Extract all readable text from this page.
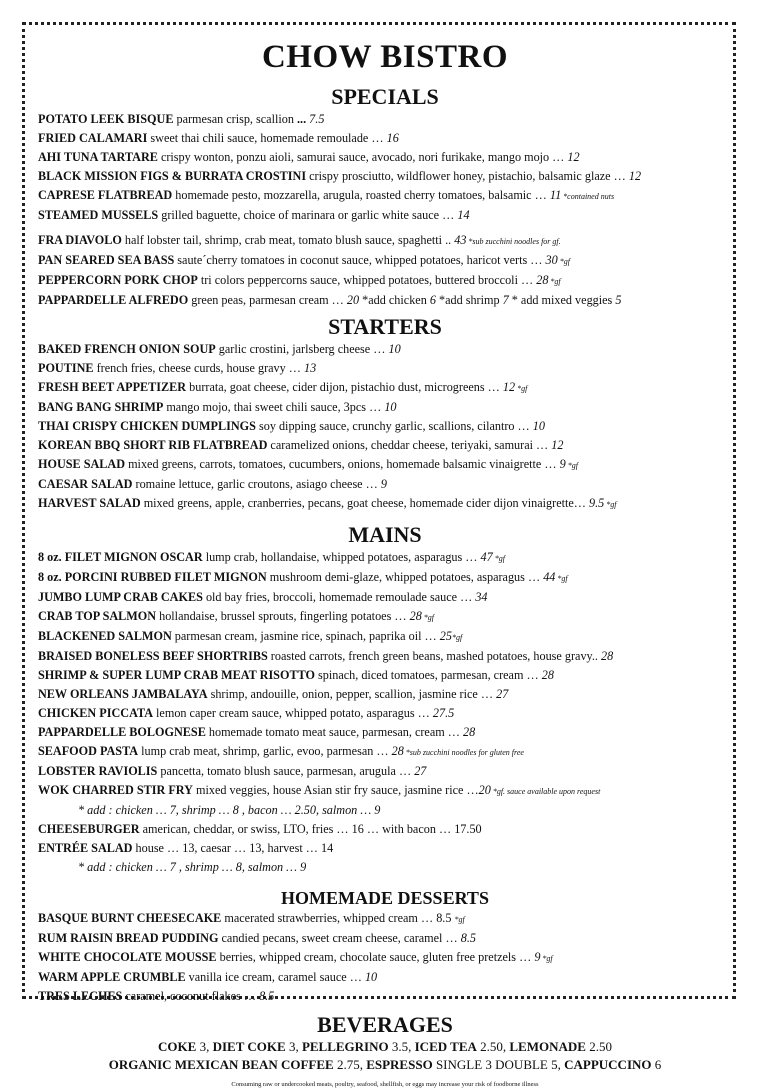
CHOW BISTRO
SPECIALS
POTATO LEEK BISQUE parmesan crisp, scallion ... 7.5
FRIED CALAMARI sweet thai chili sauce, homemade remoulade … 16
AHI TUNA TARTARE crispy wonton, ponzu aioli, samurai sauce, avocado, nori furikake, mango mojo … 12
BLACK MISSION FIGS & BURRATA CROSTINI crispy prosciutto, wildflower honey, pistachio, balsamic glaze … 12
CAPRESE FLATBREAD homemade pesto, mozzarella, arugula, roasted cherry tomatoes, balsamic … 11 *contained nuts
STEAMED MUSSELS grilled baguette, choice of marinara or garlic white sauce … 14
FRA DIAVOLO half lobster tail, shrimp, crab meat, tomato blush sauce, spaghetti .. 43 *sub zucchini noodles for gf.
PAN SEARED SEA BASS saute´cherry tomatoes in coconut sauce, whipped potatoes, haricot verts … 30 *gf
PEPPERCORN PORK CHOP tri colors peppercorns sauce, whipped potatoes, buttered broccoli … 28 *gf
PAPPARDELLE ALFREDO green peas, parmesan cream … 20 *add chicken 6 *add shrimp 7 * add mixed veggies 5
STARTERS
BAKED FRENCH ONION SOUP garlic crostini, jarlsberg cheese … 10
POUTINE french fries, cheese curds, house gravy … 13
FRESH BEET APPETIZER burrata, goat cheese, cider dijon, pistachio dust, microgreens … 12 *gf
BANG BANG SHRIMP mango mojo, thai sweet chili sauce, 3pcs … 10
THAI CRISPY CHICKEN DUMPLINGS soy dipping sauce, crunchy garlic, scallions, cilantro … 10
KOREAN BBQ SHORT RIB FLATBREAD caramelized onions, cheddar cheese, teriyaki, samurai … 12
HOUSE SALAD mixed greens, carrots, tomatoes, cucumbers, onions, homemade balsamic vinaigrette … 9 *gf
CAESAR SALAD romaine lettuce, garlic croutons, asiago cheese … 9
HARVEST SALAD mixed greens, apple, cranberries, pecans, goat cheese, homemade cider dijon vinaigrette… 9.5 *gf
MAINS
8 oz. FILET MIGNON OSCAR lump crab, hollandaise, whipped potatoes, asparagus … 47 *gf
8 oz. PORCINI RUBBED FILET MIGNON mushroom demi-glaze, whipped potatoes, asparagus … 44 *gf
JUMBO LUMP CRAB CAKES old bay fries, broccoli, homemade remoulade sauce … 34
CRAB TOP SALMON hollandaise, brussel sprouts, fingerling potatoes … 28 *gf
BLACKENED SALMON parmesan cream, jasmine rice, spinach, paprika oil … 25*gf
BRAISED BONELESS BEEF SHORTRIBS roasted carrots, french green beans, mashed potatoes, house gravy.. 28
SHRIMP & SUPER LUMP CRAB MEAT RISOTTO spinach, diced tomatoes, parmesan, cream … 28
NEW ORLEANS JAMBALAYA shrimp, andouille, onion, pepper, scallion, jasmine rice … 27
CHICKEN PICCATA lemon caper cream sauce, whipped potato, asparagus … 27.5
PAPPARDELLE BOLOGNESE homemade tomato meat sauce, parmesan, cream … 28
SEAFOOD PASTA lump crab meat, shrimp, garlic, evoo, parmesan … 28 *sub zucchini noodles for gluten free
LOBSTER RAVIOLIS pancetta, tomato blush sauce, parmesan, arugula … 27
WOK CHARRED STIR FRY mixed veggies, house Asian stir fry sauce, jasmine rice …20 *gf. sauce available upon request
* add : chicken … 7, shrimp … 8 , bacon … 2.50, salmon … 9
CHEESEBURGER american, cheddar, or swiss, LTO, fries … 16 … with bacon … 17.50
ENTRÉE SALAD house … 13, caesar … 13, harvest … 14
* add : chicken … 7 , shrimp … 8, salmon … 9
HOMEMADE DESSERTS
BASQUE BURNT CHEESECAKE macerated strawberries, whipped cream … 8.5 *gf
RUM RAISIN BREAD PUDDING candied pecans, sweet cream cheese, caramel … 8.5
WHITE CHOCOLATE MOUSSE berries, whipped cream, chocolate sauce, gluten free pretzels … 9 *gf
WARM APPLE CRUMBLE vanilla ice cream, caramel sauce … 10
TRES LECHES caramel, coconut flakes … 8.5
BEVERAGES
COKE 3, DIET COKE 3, PELLEGRINO 3.5, ICED TEA 2.50, LEMONADE 2.50
ORGANIC MEXICAN BEAN COFFEE 2.75, ESPRESSO SINGLE 3 DOUBLE 5, CAPPUCCINO 6
Consuming raw or undercooked meats, poultry, seafood, shellfish, or eggs may increase your risk of foodborne illness
